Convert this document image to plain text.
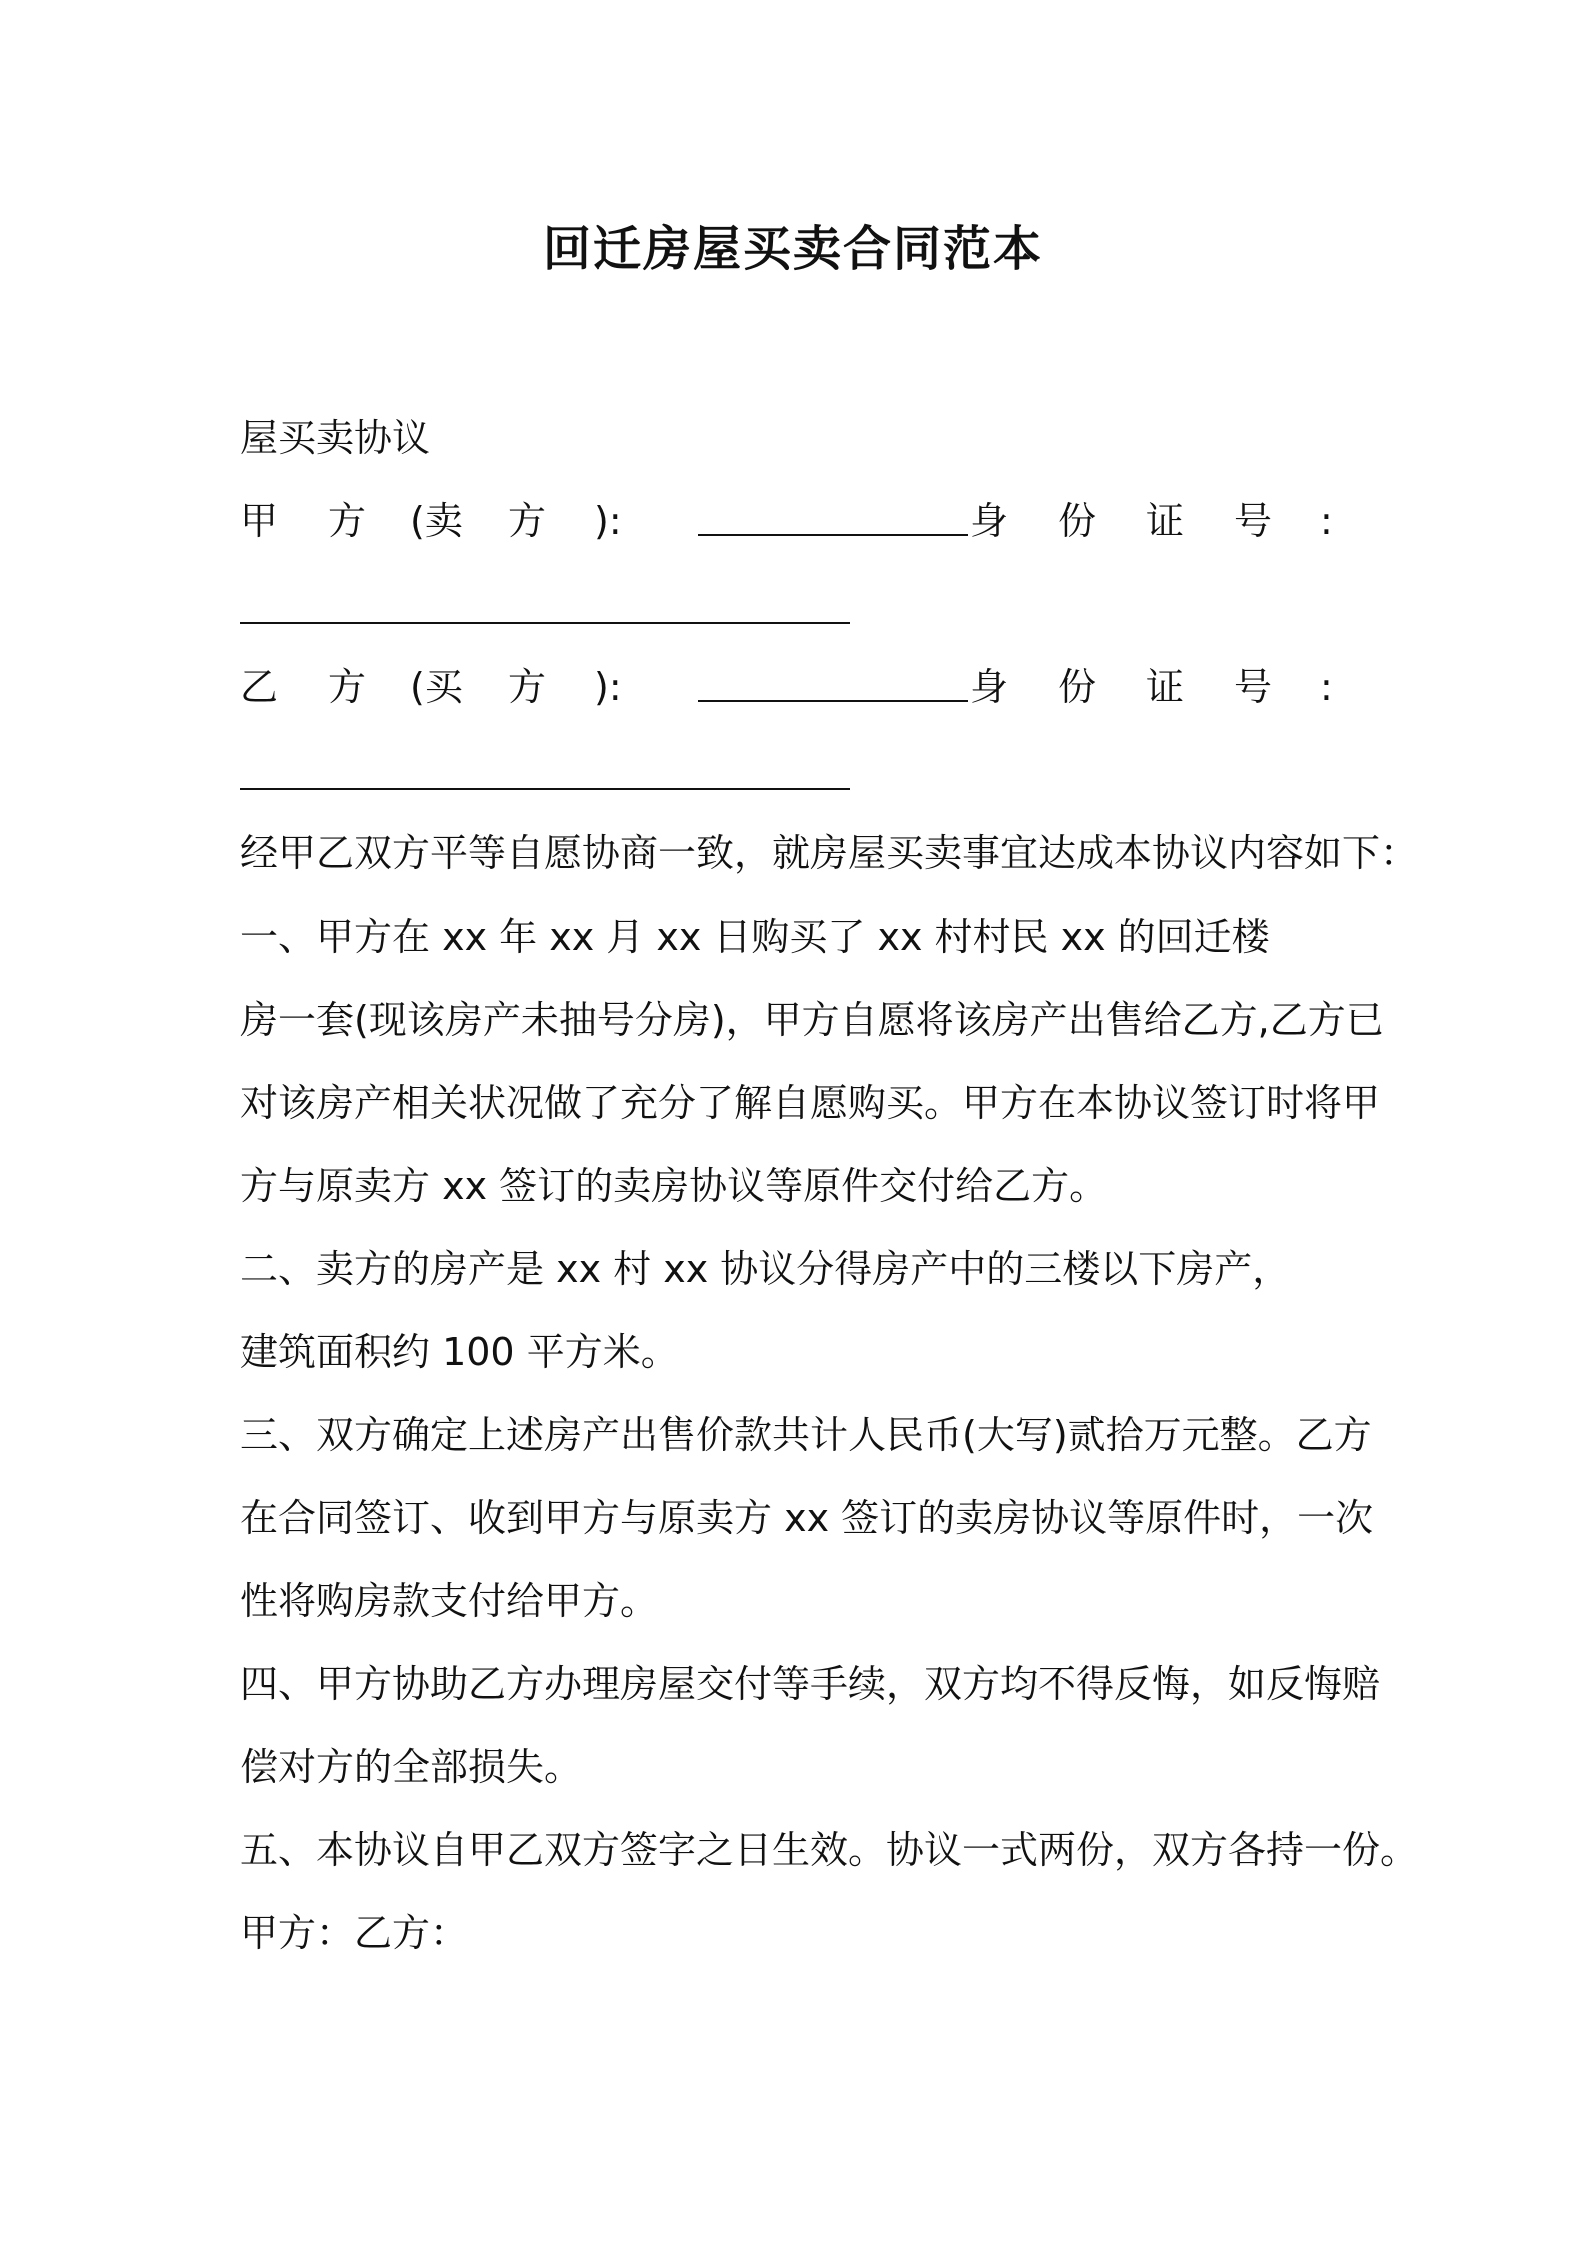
回迁房屋买卖合同范本
屋买卖协议
甲 方 (卖 方 ):	身 份 证 号 :
乙 方 (买 方 ):	身 份 证 号 :
经甲乙双方平等自愿协商一致，就房屋买卖事宜达成本协议内容如下：
一、甲方在 xx 年 xx 月 xx 日购买了 xx 村村民 xx 的回迁楼
房一套(现该房产未抽号分房)，甲方自愿将该房产出售给乙方,乙方已
对该房产相关状况做了充分了解自愿购买。甲方在本协议签订时将甲
方与原卖方 xx 签订的卖房协议等原件交付给乙方。
二、卖方的房产是 xx 村 xx 协议分得房产中的三楼以下房产，
建筑面积约 100 平方米。
三、双方确定上述房产出售价款共计人民币(大写)贰拾万元整。乙方
在合同签订、收到甲方与原卖方 xx 签订的卖房协议等原件时，一次
性将购房款支付给甲方。
四、甲方协助乙方办理房屋交付等手续，双方均不得反悔，如反悔赔
偿对方的全部损失。
五、本协议自甲乙双方签字之日生效。协议一式两份，双方各持一份。
甲方：乙方：
